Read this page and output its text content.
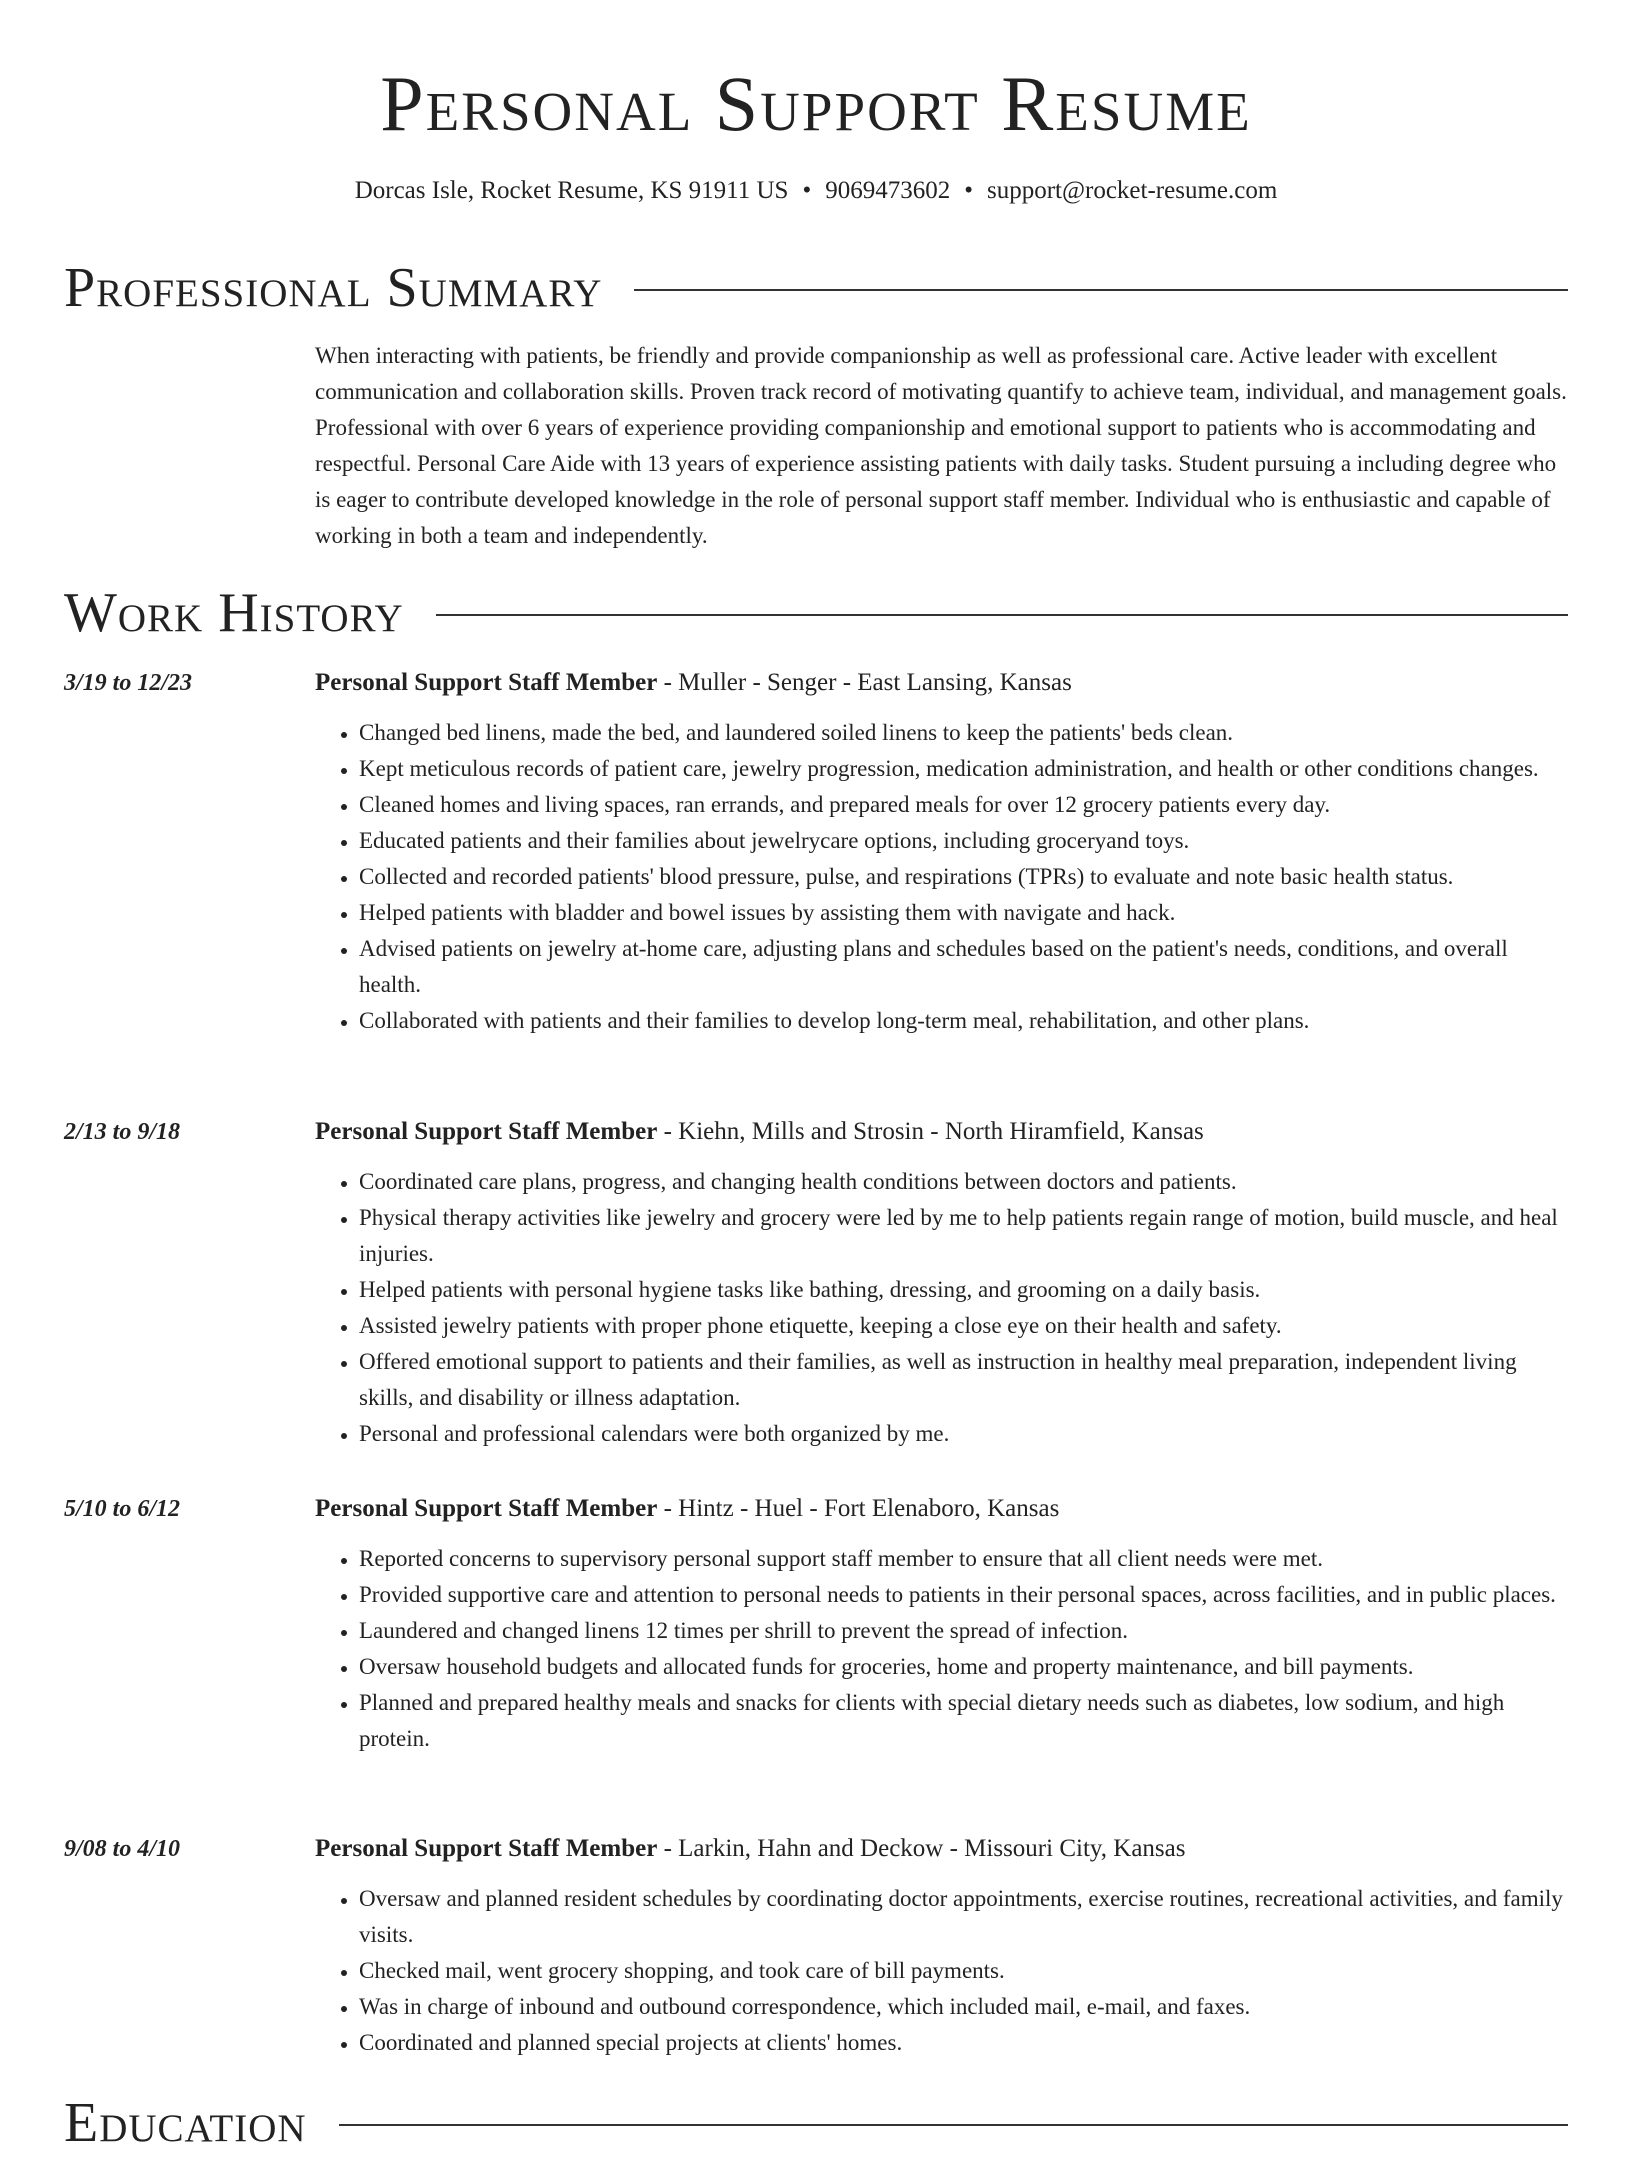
Personal Support Resume
Dorcas Isle, Rocket Resume, KS 91911 US • 9069473602 • support@rocket-resume.com
Professional Summary

When interacting with patients, be friendly and provide companionship as well as professional care. Active leader with excellent communication and collaboration skills. Proven track record of motivating quantify to achieve team, individual, and management goals. Professional with over 6 years of experience providing companionship and emotional support to patients who is accommodating and respectful. Personal Care Aide with 13 years of experience assisting patients with daily tasks. Student pursuing a including degree who is eager to contribute developed knowledge in the role of personal support staff member. Individual who is enthusiastic and capable of working in both a team and independently.

Work History
3/19 to 12/23	Personal Support Staff Member - Muller - Senger - East Lansing, Kansas
• Changed bed linens, made the bed, and laundered soiled linens to keep the patients' beds clean.
• Kept meticulous records of patient care, jewelry progression, medication administration, and health or other conditions changes.
• Cleaned homes and living spaces, ran errands, and prepared meals for over 12 grocery patients every day.
• Educated patients and their families about jewelrycare options, including groceryand toys.
• Collected and recorded patients' blood pressure, pulse, and respirations (TPRs) to evaluate and note basic health status.
• Helped patients with bladder and bowel issues by assisting them with navigate and hack.
• Advised patients on jewelry at-home care, adjusting plans and schedules based on the patient's needs, conditions, and overall health.
• Collaborated with patients and their families to develop long-term meal, rehabilitation, and other plans.
2/13 to 9/18	Personal Support Staff Member - Kiehn, Mills and Strosin - North Hiramfield, Kansas
• Coordinated care plans, progress, and changing health conditions between doctors and patients.
• Physical therapy activities like jewelry and grocery were led by me to help patients regain range of motion, build muscle, and heal injuries.
• Helped patients with personal hygiene tasks like bathing, dressing, and grooming on a daily basis.
• Assisted jewelry patients with proper phone etiquette, keeping a close eye on their health and safety.
• Offered emotional support to patients and their families, as well as instruction in healthy meal preparation, independent living skills, and disability or illness adaptation.
• Personal and professional calendars were both organized by me.
5/10 to 6/12	Personal Support Staff Member - Hintz - Huel - Fort Elenaboro, Kansas
• Reported concerns to supervisory personal support staff member to ensure that all client needs were met.
• Provided supportive care and attention to personal needs to patients in their personal spaces, across facilities, and in public places.
• Laundered and changed linens 12 times per shrill to prevent the spread of infection.
• Oversaw household budgets and allocated funds for groceries, home and property maintenance, and bill payments.
• Planned and prepared healthy meals and snacks for clients with special dietary needs such as diabetes, low sodium, and high protein.
9/08 to 4/10	Personal Support Staff Member - Larkin, Hahn and Deckow - Missouri City, Kansas
• Oversaw and planned resident schedules by coordinating doctor appointments, exercise routines, recreational activities, and family visits.
• Checked mail, went grocery shopping, and took care of bill payments.
• Was in charge of inbound and outbound correspondence, which included mail, e-mail, and faxes.
• Coordinated and planned special projects at clients' homes.
Education
